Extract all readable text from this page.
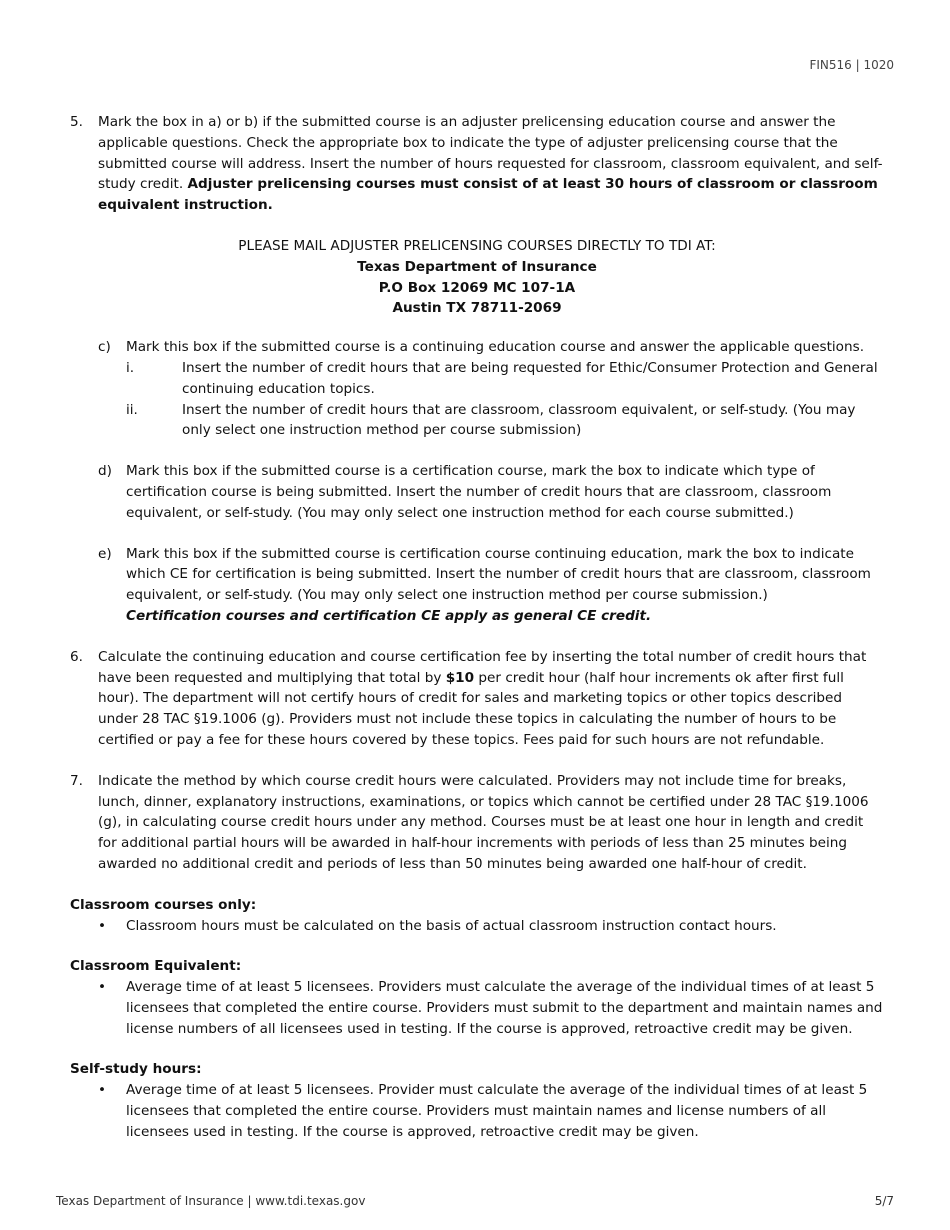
FIN516 | 1020
5.	Mark the box in a) or b) if the submitted course is an adjuster prelicensing education course and answer the applicable questions. Check the appropriate box to indicate the type of adjuster prelicensing course that the submitted course will address. Insert the number of hours requested for classroom, classroom equivalent, and self-study credit. Adjuster prelicensing courses must consist of at least 30 hours of classroom or classroom equivalent instruction.
PLEASE MAIL ADJUSTER PRELICENSING COURSES DIRECTLY TO TDI AT:
Texas Department of Insurance
P.O Box 12069 MC 107-1A
Austin TX 78711-2069
c)	Mark this box if the submitted course is a continuing education course and answer the applicable questions.
i.	Insert the number of credit hours that are being requested for Ethic/Consumer Protection and General continuing education topics.
ii.	Insert the number of credit hours that are classroom, classroom equivalent, or self-study. (You may only select one instruction method per course submission)
d)	Mark this box if the submitted course is a certification course, mark the box to indicate which type of certification course is being submitted. Insert the number of credit hours that are classroom, classroom equivalent, or self-study. (You may only select one instruction method for each course submitted.)
e)	Mark this box if the submitted course is certification course continuing education, mark the box to indicate which CE for certification is being submitted. Insert the number of credit hours that are classroom, classroom equivalent, or self-study. (You may only select one instruction method per course submission.)
Certification courses and certification CE apply as general CE credit.
6.	Calculate the continuing education and course certification fee by inserting the total number of credit hours that have been requested and multiplying that total by $10 per credit hour (half hour increments ok after first full hour). The department will not certify hours of credit for sales and marketing topics or other topics described under 28 TAC §19.1006 (g). Providers must not include these topics in calculating the number of hours to be certified or pay a fee for these hours covered by these topics. Fees paid for such hours are not refundable.
7.	Indicate the method by which course credit hours were calculated. Providers may not include time for breaks, lunch, dinner, explanatory instructions, examinations, or topics which cannot be certified under 28 TAC §19.1006 (g), in calculating course credit hours under any method. Courses must be at least one hour in length and credit for additional partial hours will be awarded in half-hour increments with periods of less than 25 minutes being awarded no additional credit and periods of less than 50 minutes being awarded one half-hour of credit.
Classroom courses only:
•	Classroom hours must be calculated on the basis of actual classroom instruction contact hours.
Classroom Equivalent:
•	Average time of at least 5 licensees. Providers must calculate the average of the individual times of at least 5 licensees that completed the entire course. Providers must submit to the department and maintain names and license numbers of all licensees used in testing. If the course is approved, retroactive credit may be given.
Self-study hours:
•	Average time of at least 5 licensees. Provider must calculate the average of the individual times of at least 5 licensees that completed the entire course. Providers must maintain names and license numbers of all licensees used in testing. If the course is approved, retroactive credit may be given.
Texas Department of Insurance | www.tdi.texas.gov	5/7
